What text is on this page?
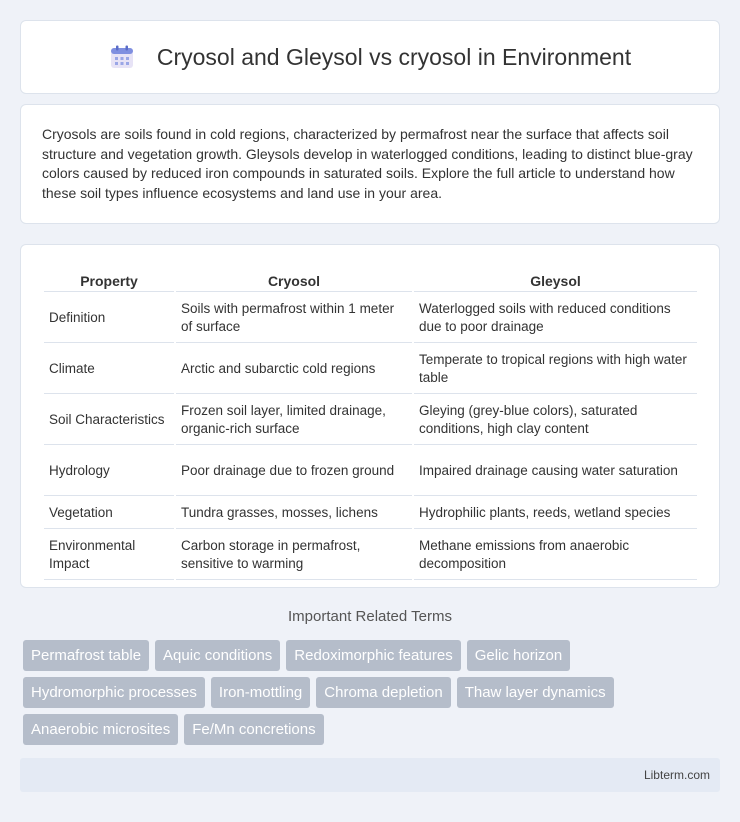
Cryosol and Gleysol vs cryosol in Environment

Cryosols are soils found in cold regions, characterized by permafrost near the surface that affects soil structure and vegetation growth. Gleysols develop in waterlogged conditions, leading to distinct blue-gray colors caused by reduced iron compounds in saturated soils. Explore the full article to understand how these soil types influence ecosystems and land use in your area.

Property	Cryosol	Gleysol
Definition	Soils with permafrost within 1 meter of surface	Waterlogged soils with reduced conditions due to poor drainage
Climate	Arctic and subarctic cold regions	Temperate to tropical regions with high water table
Soil Characteristics	Frozen soil layer, limited drainage, organic-rich surface	Gleying (grey-blue colors), saturated conditions, high clay content
Hydrology	Poor drainage due to frozen ground	Impaired drainage causing water saturation
Vegetation	Tundra grasses, mosses, lichens	Hydrophilic plants, reeds, wetland species
Environmental Impact	Carbon storage in permafrost, sensitive to warming	Methane emissions from anaerobic decomposition
Important Related Terms
Permafrost table	Aquic conditions	Redoximorphic features	Gelic horizon
Hydromorphic processes	Iron-mottling	Chroma depletion	Thaw layer dynamics
Anaerobic microsites	Fe/Mn concretions
Libterm.com
